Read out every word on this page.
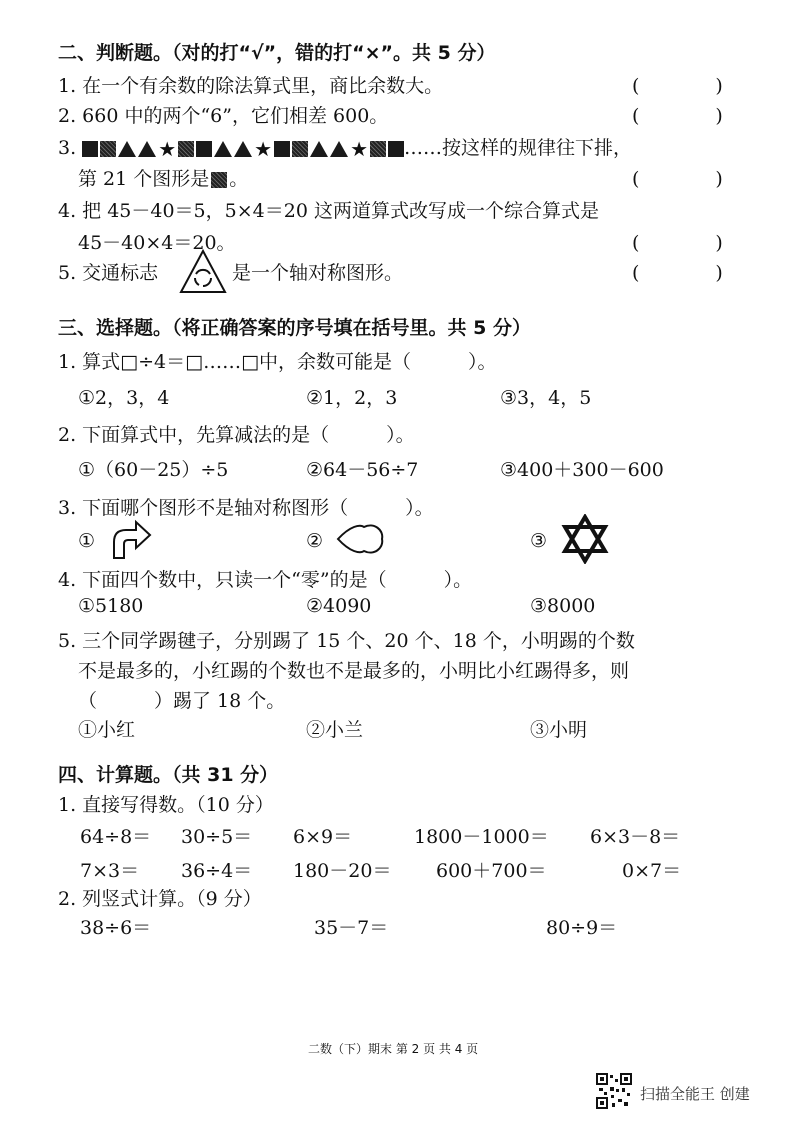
二、判断题。（对的打“√”，错的打“×”。共 5 分）
1. 在一个有余数的除法算式里，商比余数大。	(　　　　)
2. 660 中的两个“6”，它们相差 600。	(　　　　)
3.	★	★	★ ……按这样的规律往下排，
第 21 个图形是 。	(　　　　)
4. 把 45－40＝5，5×4＝20 这两道算式改写成一个综合算式是
45－40×4＝20。	(　　　　)
5. 交通标志	是一个轴对称图形。	(　　　　)
三、选择题。（将正确答案的序号填在括号里。共 5 分）
1. 算式□÷4＝□……□中，余数可能是（　　　）。
①2，3，4	②1，2，3	③3，4，5
2. 下面算式中，先算减法的是（　　　）。
①（60－25）÷5	②64－56÷7	③400＋300－600
3. 下面哪个图形不是轴对称图形（　　　）。
①	②	③
4. 下面四个数中，只读一个“零”的是（　　　）。
①5180	②4090	③8000
5. 三个同学踢毽子，分别踢了 15 个、20 个、18 个，小明踢的个数
不是最多的，小红踢的个数也不是最多的，小明比小红踢得多，则
（　　　）踢了 18 个。
①小红	②小兰	③小明
四、计算题。（共 31 分）
1. 直接写得数。（10 分）
64÷8＝ 30÷5＝ 6×9＝	1800－1000＝ 6×3－8＝
7×3＝ 36÷4＝ 180－20＝ 600＋700＝	0×7＝
2. 列竖式计算。（9 分）
38÷6＝	35－7＝	80÷9＝
二数（下）期末 第 2 页 共 4 页
扫描全能王 创建
